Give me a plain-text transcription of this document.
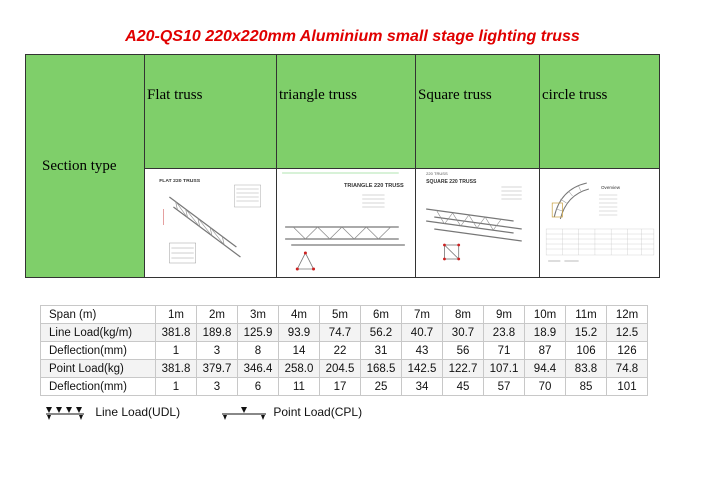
A20-QS10 220x220mm Aluminium small stage lighting truss
Section type	Flat truss	triangle truss	Square truss	circle truss

FLAT 220 TRUSS	TRIANGLE 220 TRUSS	220 TRUSS
SQUARE 220 TRUSS	Overview
Span (m)	1m	2m	3m	4m	5m	6m	7m	8m	9m	10m	11m	12m
Line Load(kg/m)	381.8	189.8	125.9	93.9	74.7	56.2	40.7	30.7	23.8	18.9	15.2	12.5
Deflection(mm)	1	3	8	14	22	31	43	56	71	87	106	126
Point Load(kg)	381.8	379.7	346.4	258.0	204.5	168.5	142.5	122.7	107.1	94.4	83.8	74.8
Deflection(mm)	1	3	6	11	17	25	34	45	57	70	85	101
Line Load(UDL)	Point Load(CPL)
